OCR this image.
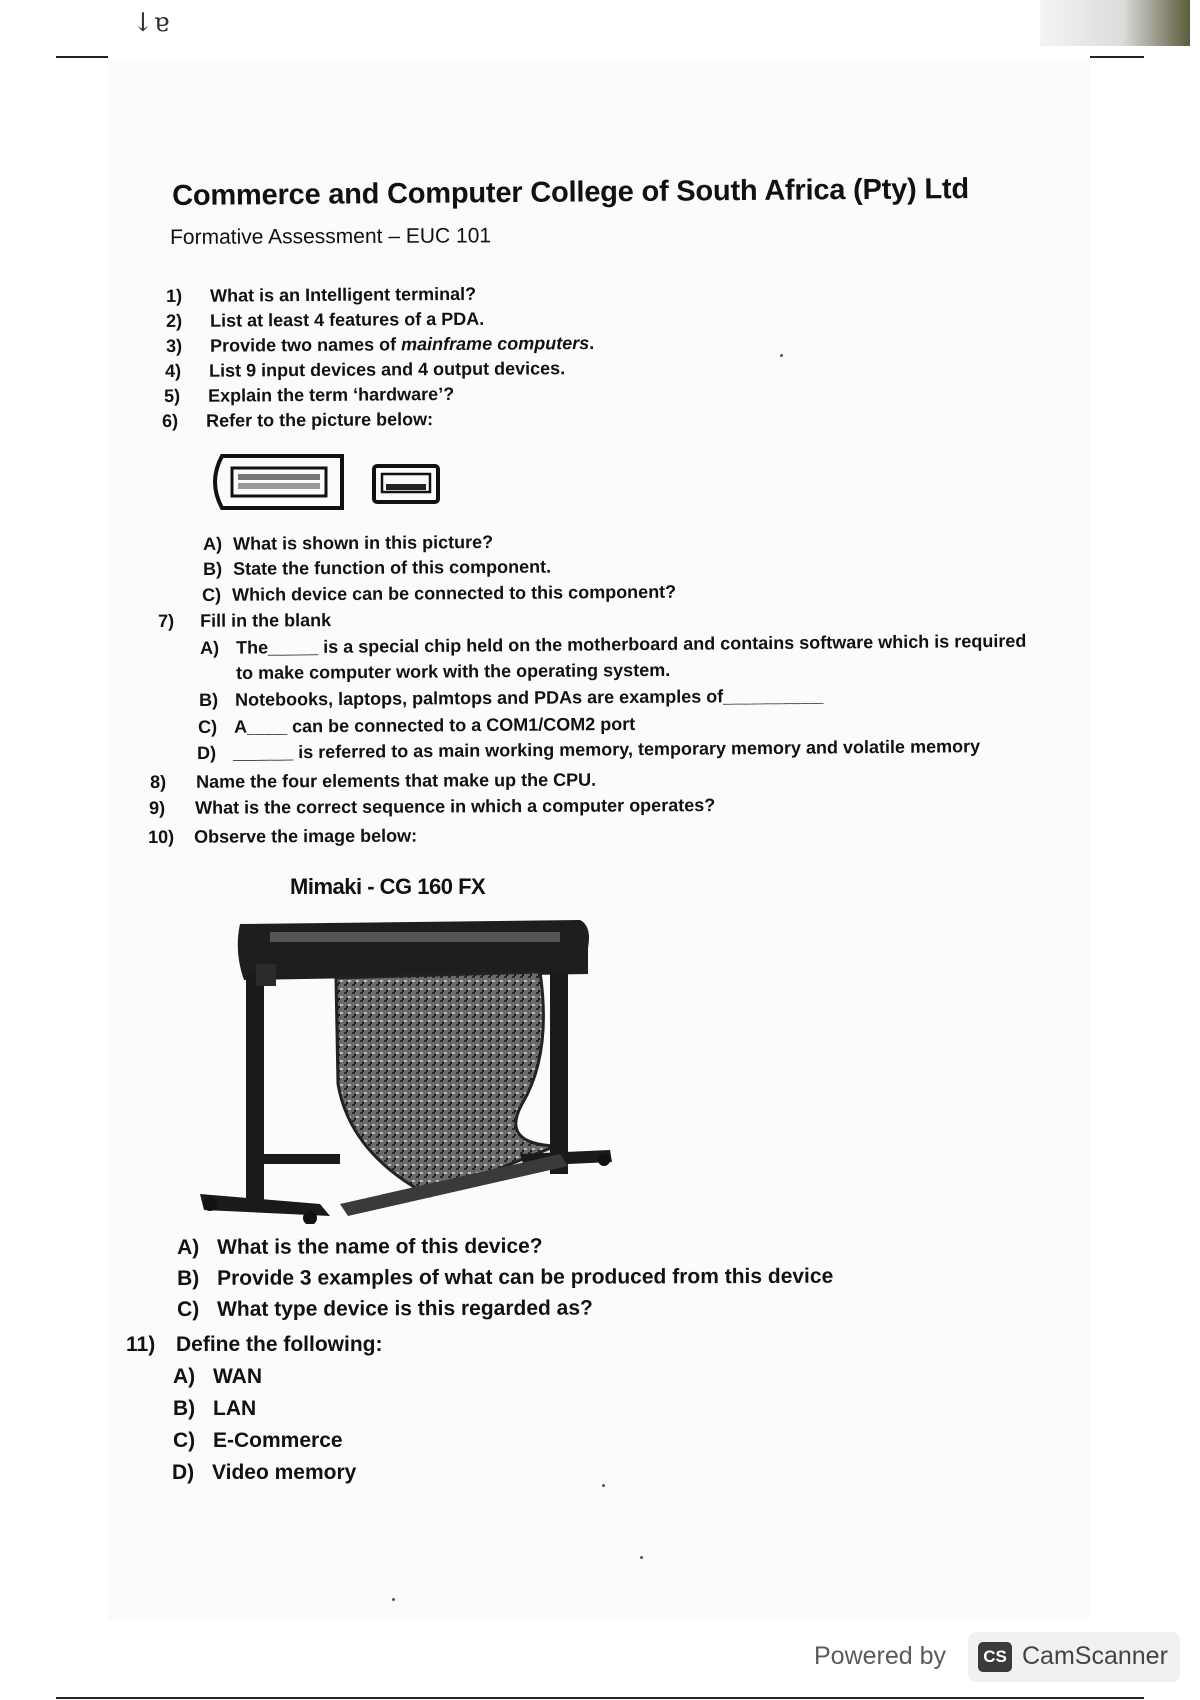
↓ɐ
Commerce and Computer College of South Africa (Pty) Ltd
Formative Assessment – EUC 101
1) What is an Intelligent terminal?
2) List at least 4 features of a PDA.
3) Provide two names of mainframe computers.
4) List 9 input devices and 4 output devices.
5) Explain the term ‘hardware’?
6) Refer to the picture below:
A) What is shown in this picture?
B) State the function of this component.
C) Which device can be connected to this component?
7) Fill in the blank
A) The_____ is a special chip held on the motherboard and contains software which is required
to make computer work with the operating system.
B) Notebooks, laptops, palmtops and PDAs are examples of__________
C) A____ can be connected to a COM1/COM2 port
D) ______ is referred to as main working memory, temporary memory and volatile memory
8) Name the four elements that make up the CPU.
9) What is the correct sequence in which a computer operates?
10) Observe the image below:
Mimaki - CG 160 FX
A) What is the name of this device?
B) Provide 3 examples of what can be produced from this device
C) What type device is this regarded as?
11) Define the following:
A) WAN
B) LAN
C) E-Commerce
D) Video memory
Powered by	CS CamScanner
